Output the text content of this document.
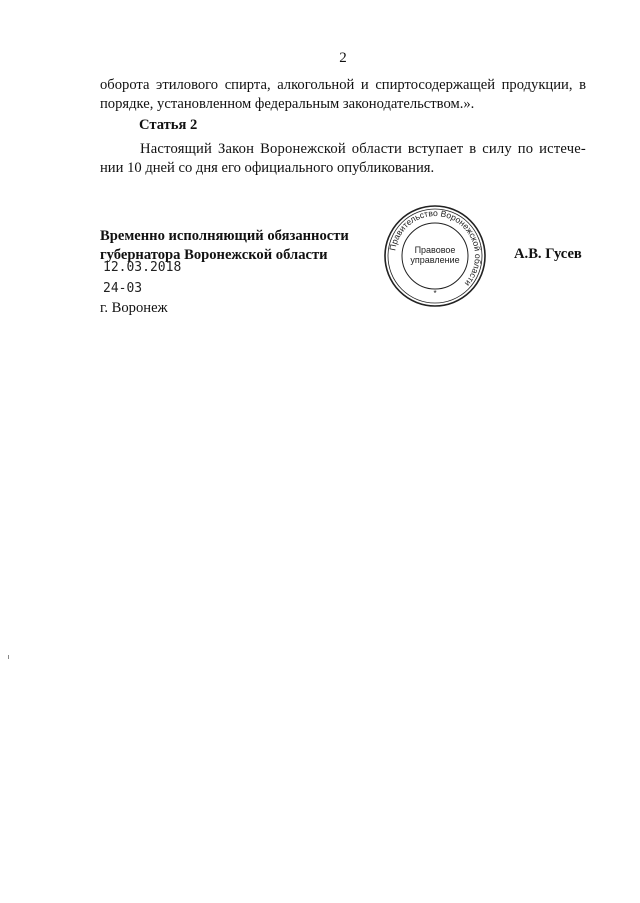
2
оборота этилового спирта, алкогольной и спиртосодержащей продукции, в
порядке, установленном федеральным законодательством.».
Статья 2
Настоящий Закон Воронежской области вступает в силу по истече-
нии 10 дней со дня его официального опубликования.
Временно исполняющий обязанности
губернатора Воронежской области
12.03.2018
24-03
г. Воронеж
Правительство Воронежской области
*
Правовое
управление	А.В. Гусев
